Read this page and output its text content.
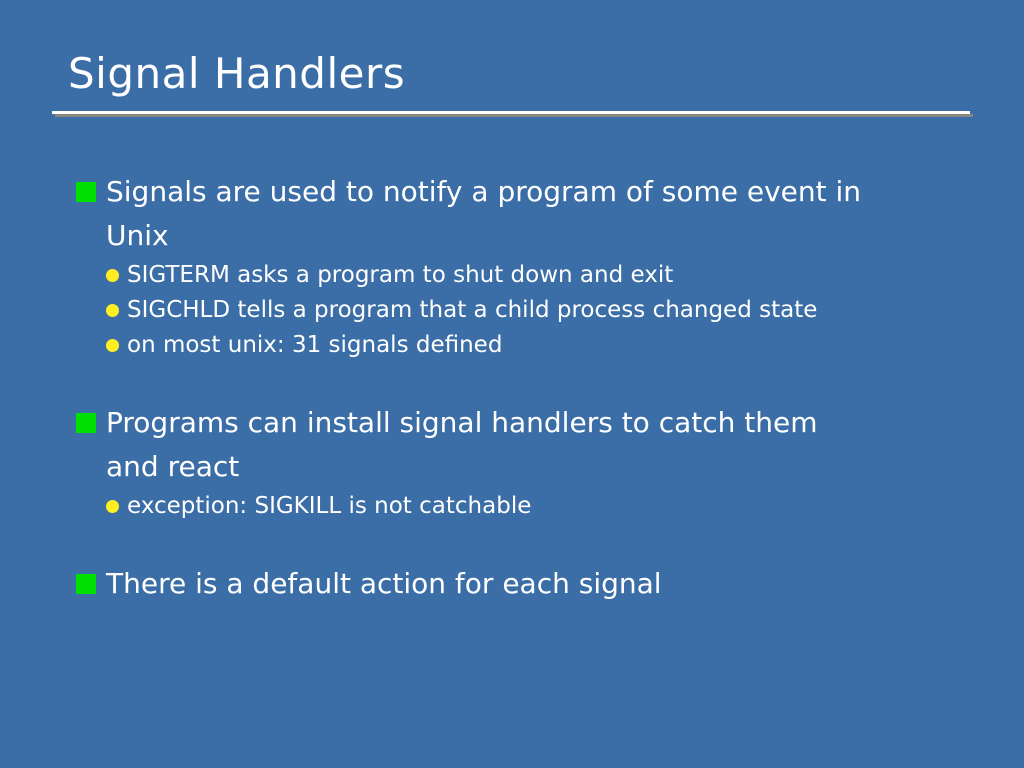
Signal Handlers
Signals are used to notify a program of some event in
Unix
SIGTERM asks a program to shut down and exit
SIGCHLD tells a program that a child process changed state
on most unix: 31 signals defined
Programs can install signal handlers to catch them
and react
exception: SIGKILL is not catchable
There is a default action for each signal
